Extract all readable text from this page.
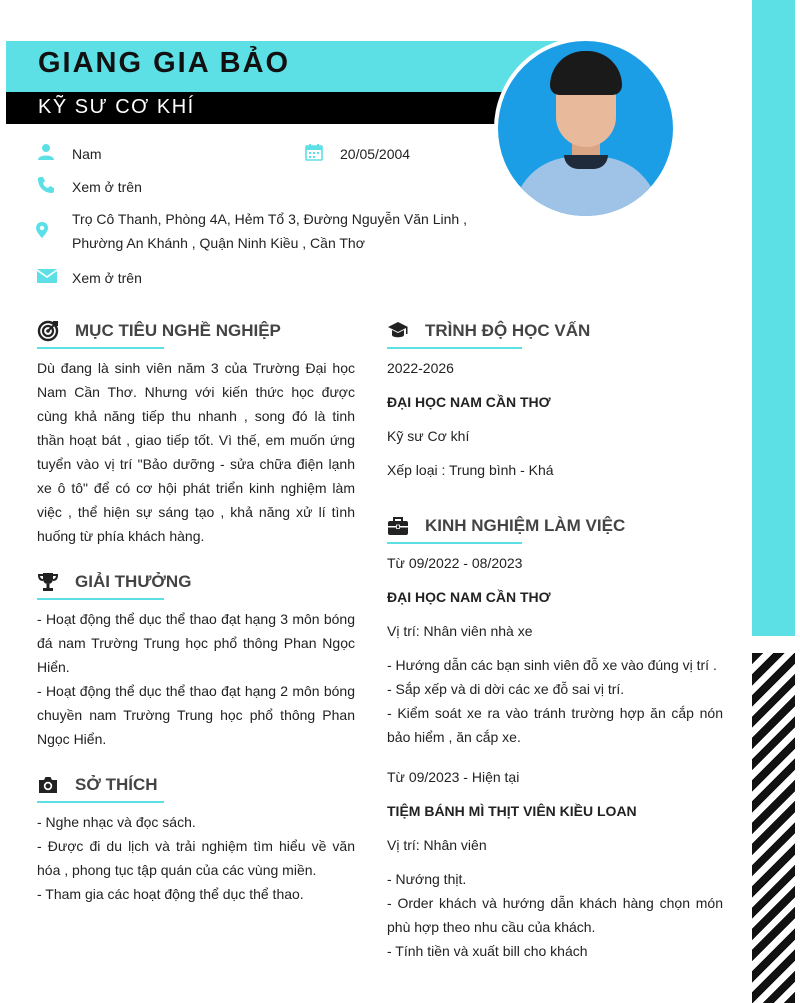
GIANG GIA BẢO
KỸ SƯ CƠ KHÍ
Nam	20/05/2004
Xem ở trên
Trọ Cô Thanh, Phòng 4A, Hẻm Tổ 3, Đường Nguyễn Văn Linh ,
Phường An Khánh , Quận Ninh Kiều , Cần Thơ
Xem ở trên
MỤC TIÊU NGHỀ NGHIỆP
Dù đang là sinh viên năm 3 của Trường Đại học Nam Cần Thơ. Nhưng với kiến thức học được cùng khả năng tiếp thu nhanh , song đó là tinh thần hoạt bát , giao tiếp tốt. Vì thế, em muốn ứng tuyển vào vị trí "Bảo dưỡng - sửa chữa điện lạnh xe ô tô" để có cơ hội phát triển kinh nghiệm làm việc , thể hiện sự sáng tạo , khả năng xử lí tình huống từ phía khách hàng.
GIẢI THƯỞNG
- Hoạt động thể dục thể thao đạt hạng 3 môn bóng đá nam Trường Trung học phổ thông Phan Ngọc Hiển.
- Hoạt động thể dục thể thao đạt hạng 2 môn bóng chuyền nam Trường Trung học phổ thông Phan Ngọc Hiển.
SỞ THÍCH
- Nghe nhạc và đọc sách.
- Được đi du lịch và trải nghiệm tìm hiểu về văn hóa , phong tục tập quán của các vùng miền.
- Tham gia các hoạt động thể dục thể thao.
TRÌNH ĐỘ HỌC VẤN
2022-2026
ĐẠI HỌC NAM CẦN THƠ
Kỹ sư Cơ khí
Xếp loại : Trung bình - Khá
KINH NGHIỆM LÀM VIỆC
Từ 09/2022 - 08/2023
ĐẠI HỌC NAM CẦN THƠ
Vị trí: Nhân viên nhà xe
- Hướng dẫn các bạn sinh viên đỗ xe vào đúng vị trí .
- Sắp xếp và di dời các xe đỗ sai vị trí.
- Kiểm soát xe ra vào tránh trường hợp ăn cắp nón bảo hiểm , ăn cắp xe.
Từ 09/2023 - Hiện tại
TIỆM BÁNH MÌ THỊT VIÊN KIỀU LOAN
Vị trí: Nhân viên
- Nướng thịt.
- Order khách và hướng dẫn khách hàng chọn món phù hợp theo nhu cầu của khách.
- Tính tiền và xuất bill cho khách
